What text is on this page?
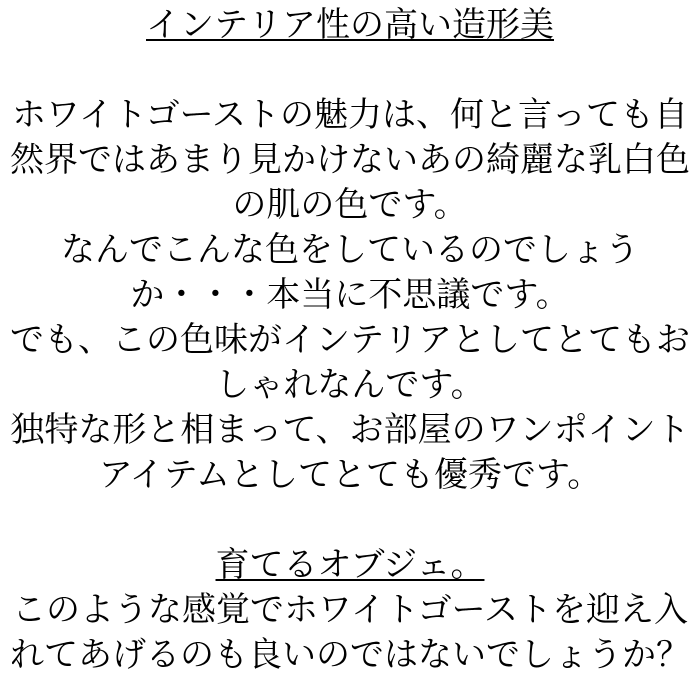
インテリア性の高い造形美
ホワイトゴーストの魅力は、何と言っても自
然界ではあまり見かけないあの綺麗な乳白色
の肌の色です。
なんでこんな色をしているのでしょう
か・・・本当に不思議です。
でも、この色味がインテリアとしてとてもお
しゃれなんです。
独特な形と相まって、お部屋のワンポイント
アイテムとしてとても優秀です。
育てるオブジェ。
このような感覚でホワイトゴーストを迎え入
れてあげるのも良いのではないでしょうか？
